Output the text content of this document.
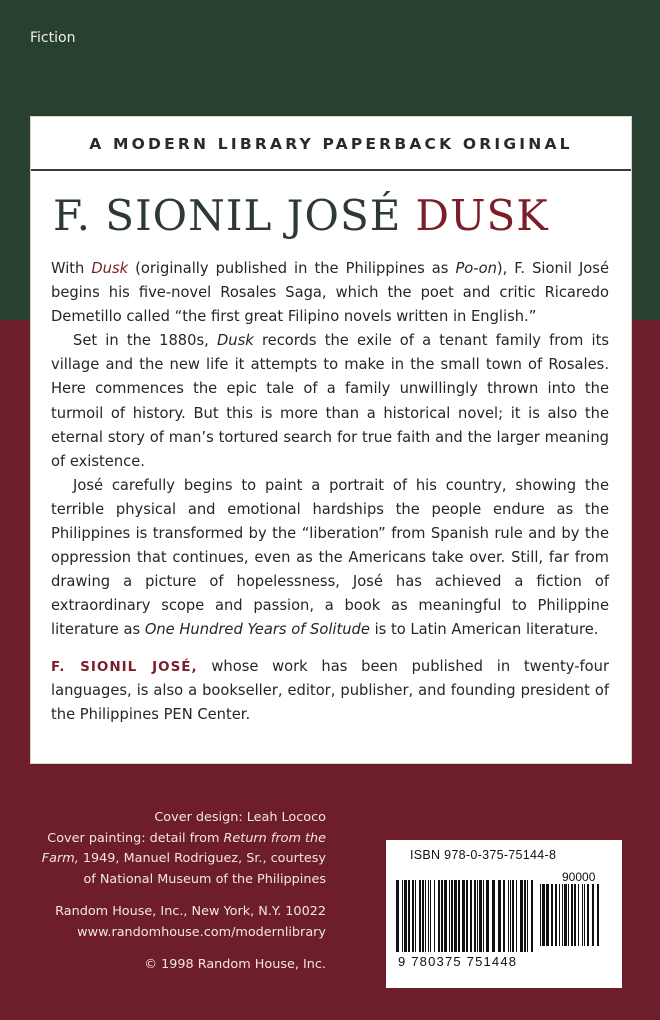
Fiction
A MODERN LIBRARY PAPERBACK ORIGINAL
F. SIONIL JOSÉ DUSK

With Dusk (originally published in the Philippines as Po-on), F. Sionil José begins his five-novel Rosales Saga, which the poet and critic Ricaredo Demetillo called “the first great Filipino novels written in English.”

Set in the 1880s, Dusk records the exile of a tenant family from its village and the new life it attempts to make in the small town of Rosales. Here commences the epic tale of a family unwillingly thrown into the turmoil of history. But this is more than a historical novel; it is also the eternal story of man’s tortured search for true faith and the larger meaning of existence.

José carefully begins to paint a portrait of his country, showing the terrible physical and emotional hardships the people endure as the Philippines is transformed by the “liberation” from Spanish rule and by the oppression that continues, even as the Americans take over. Still, far from drawing a picture of hopelessness, José has achieved a fiction of extraordinary scope and passion, a book as meaningful to Philippine literature as One Hundred Years of Solitude is to Latin American literature.

F. SIONIL JOSÉ, whose work has been published in twenty-four languages, is also a bookseller, editor, publisher, and founding president of the Philippines PEN Center.

Cover design: Leah Lococo
Cover painting: detail from Return from the
Farm, 1949, Manuel Rodriguez, Sr., courtesy
of National Museum of the Philippines
Random House, Inc., New York, N.Y. 10022
www.randomhouse.com/modernlibrary
© 1998 Random House, Inc.
ISBN 978-0-375-75144-8
90000
9 780375 751448
